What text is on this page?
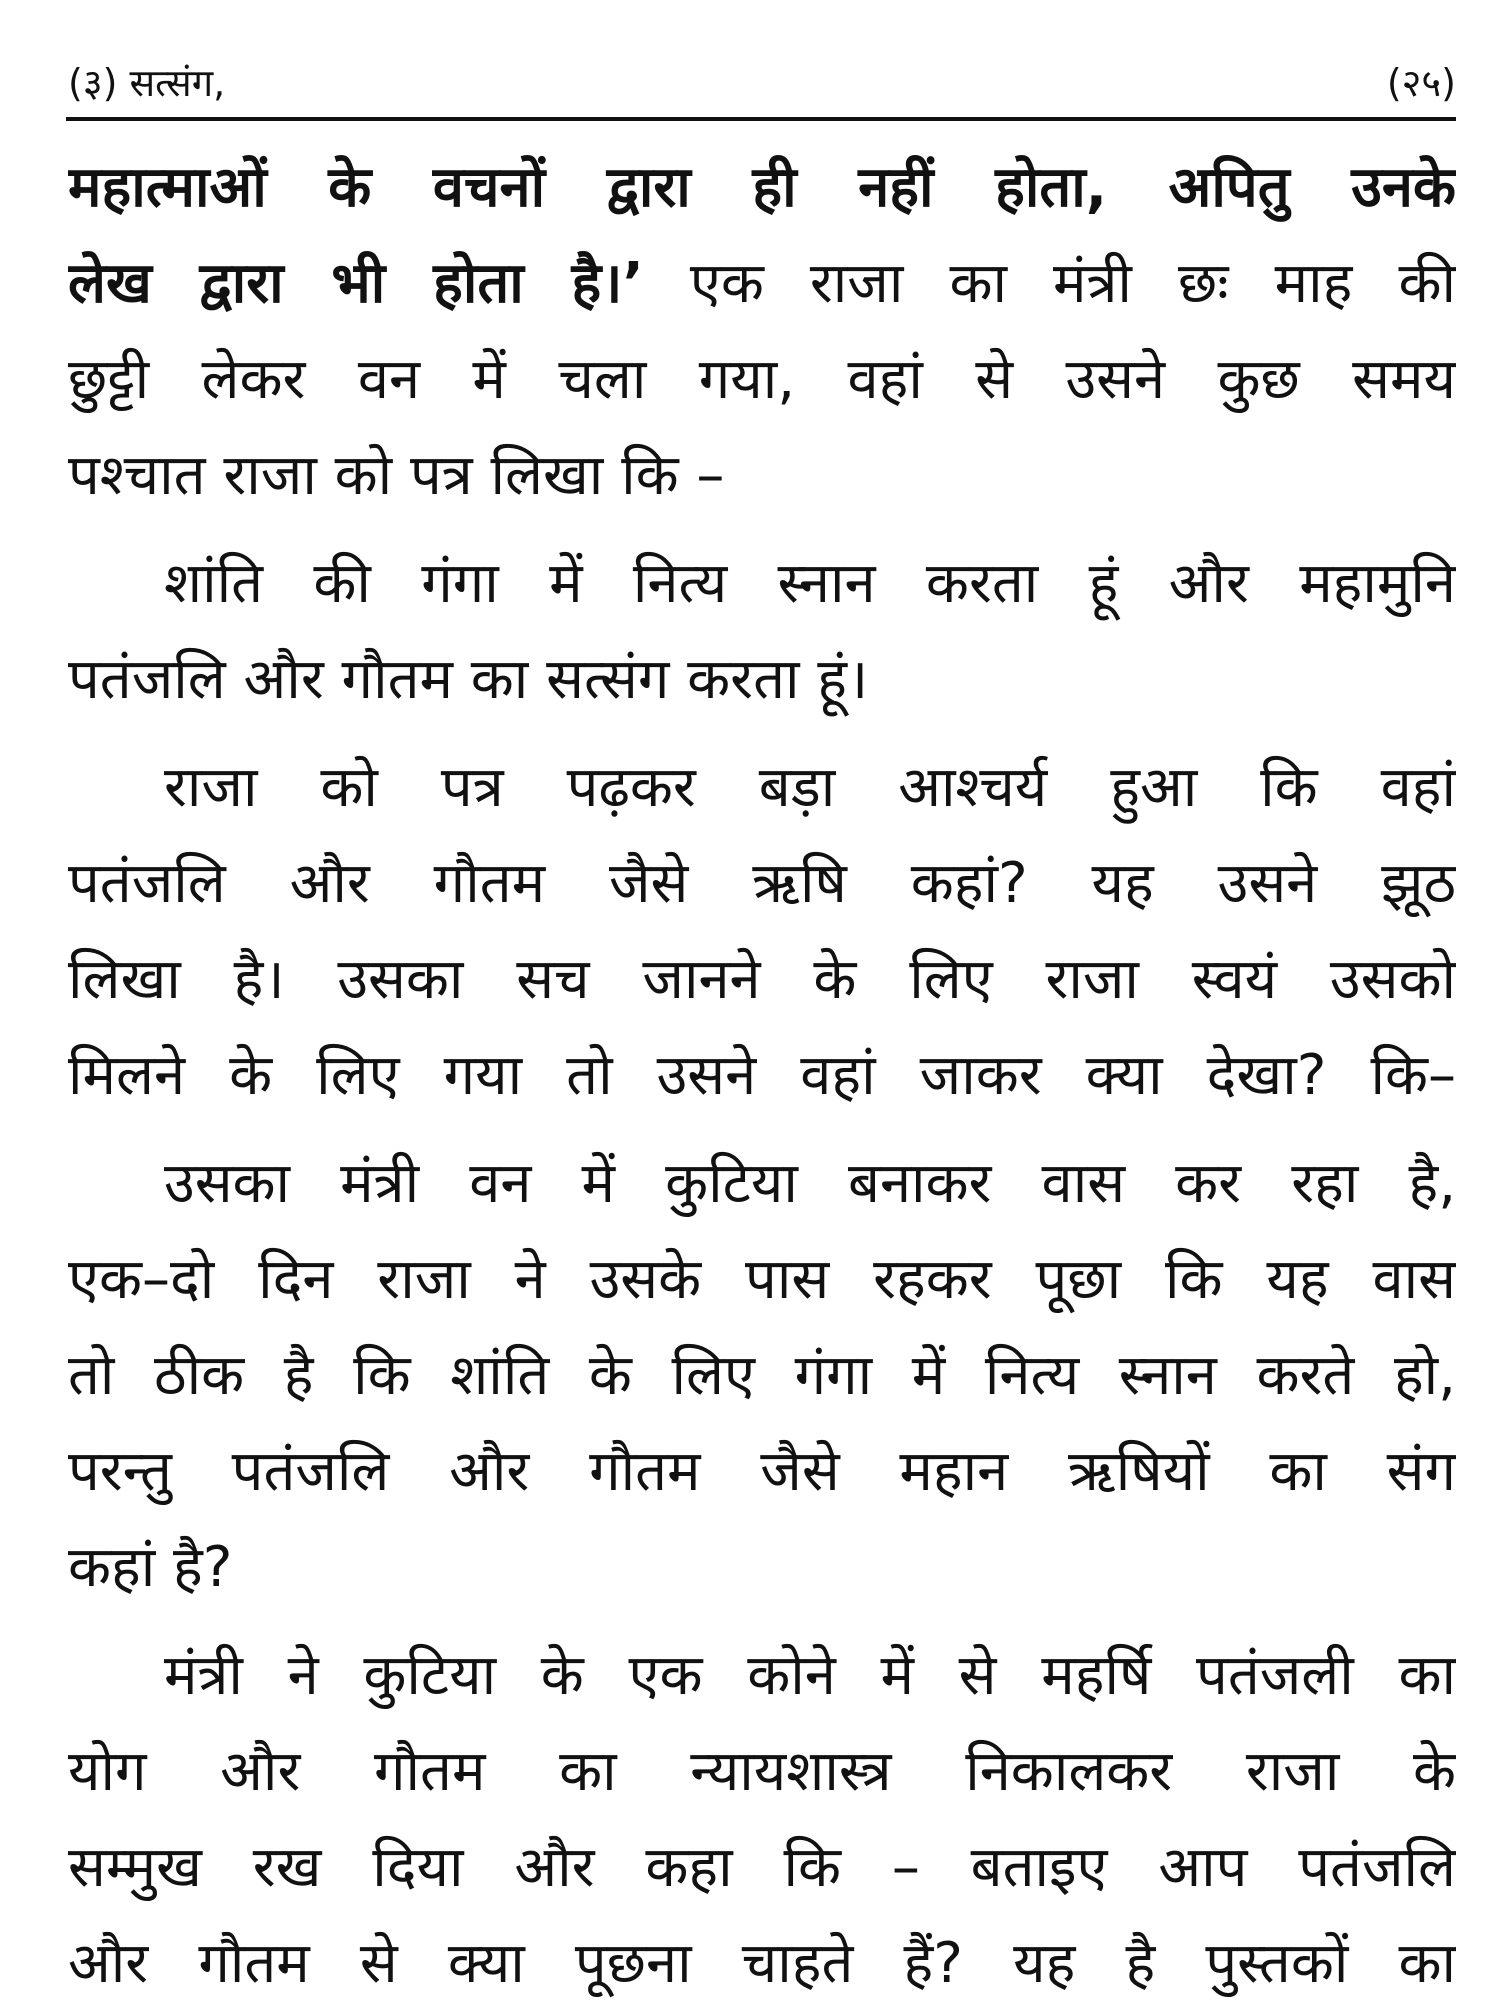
(३) सत्संग,	(२५)
महात्माओं के वचनों द्वारा ही नहीं होता, अपितु उनके
लेख द्वारा भी होता है।’ एक राजा का मंत्री छः माह की
छुट्टी लेकर वन में चला गया, वहां से उसने कुछ समय
पश्चात राजा को पत्र लिखा कि –
शांति की गंगा में नित्य स्नान करता हूं और महामुनि
पतंजलि और गौतम का सत्संग करता हूं।
राजा को पत्र पढ़कर बड़ा आश्चर्य हुआ कि वहां
पतंजलि और गौतम जैसे ऋषि कहां? यह उसने झूठ
लिखा है। उसका सच जानने के लिए राजा स्वयं उसको
मिलने के लिए गया तो उसने वहां जाकर क्या देखा? कि–
उसका मंत्री वन में कुटिया बनाकर वास कर रहा है,
एक–दो दिन राजा ने उसके पास रहकर पूछा कि यह वास
तो ठीक है कि शांति के लिए गंगा में नित्य स्नान करते हो,
परन्तु पतंजलि और गौतम जैसे महान ऋषियों का संग
कहां है?
मंत्री ने कुटिया के एक कोने में से महर्षि पतंजली का
योग और गौतम का न्यायशास्त्र निकालकर राजा के
सम्मुख रख दिया और कहा कि – बताइए आप पतंजलि
और गौतम से क्या पूछना चाहते हैं? यह है पुस्तकों का
